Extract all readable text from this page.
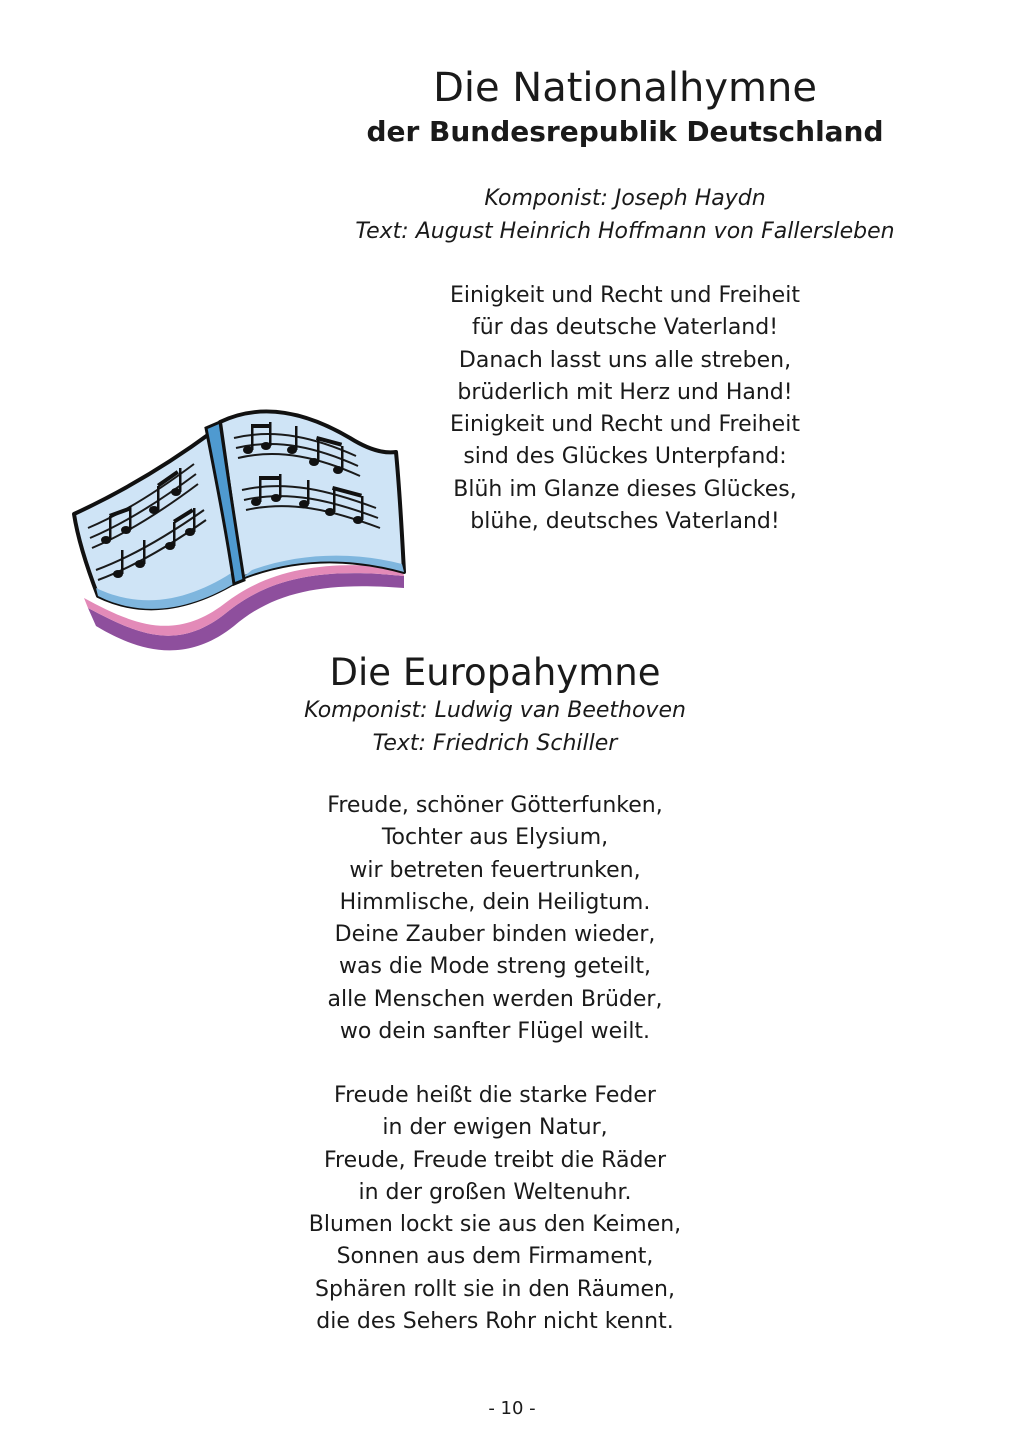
Die Nationalhymne
der Bundesrepublik Deutschland
Komponist: Joseph Haydn
Text: August Heinrich Hoffmann von Fallersleben
Einigkeit und Recht und Freiheit
für das deutsche Vaterland!
Danach lasst uns alle streben,
brüderlich mit Herz und Hand!
Einigkeit und Recht und Freiheit
sind des Glückes Unterpfand:
Blüh im Glanze dieses Glückes,
blühe, deutsches Vaterland!
Die Europahymne
Komponist: Ludwig van Beethoven
Text: Friedrich Schiller
Freude, schöner Götterfunken,
Tochter aus Elysium,
wir betreten feuertrunken,
Himmlische, dein Heiligtum.
Deine Zauber binden wieder,
was die Mode streng geteilt,
alle Menschen werden Brüder,
wo dein sanfter Flügel weilt.
Freude heißt die starke Feder
in der ewigen Natur,
Freude, Freude treibt die Räder
in der großen Weltenuhr.
Blumen lockt sie aus den Keimen,
Sonnen aus dem Firmament,
Sphären rollt sie in den Räumen,
die des Sehers Rohr nicht kennt.
- 10 -
